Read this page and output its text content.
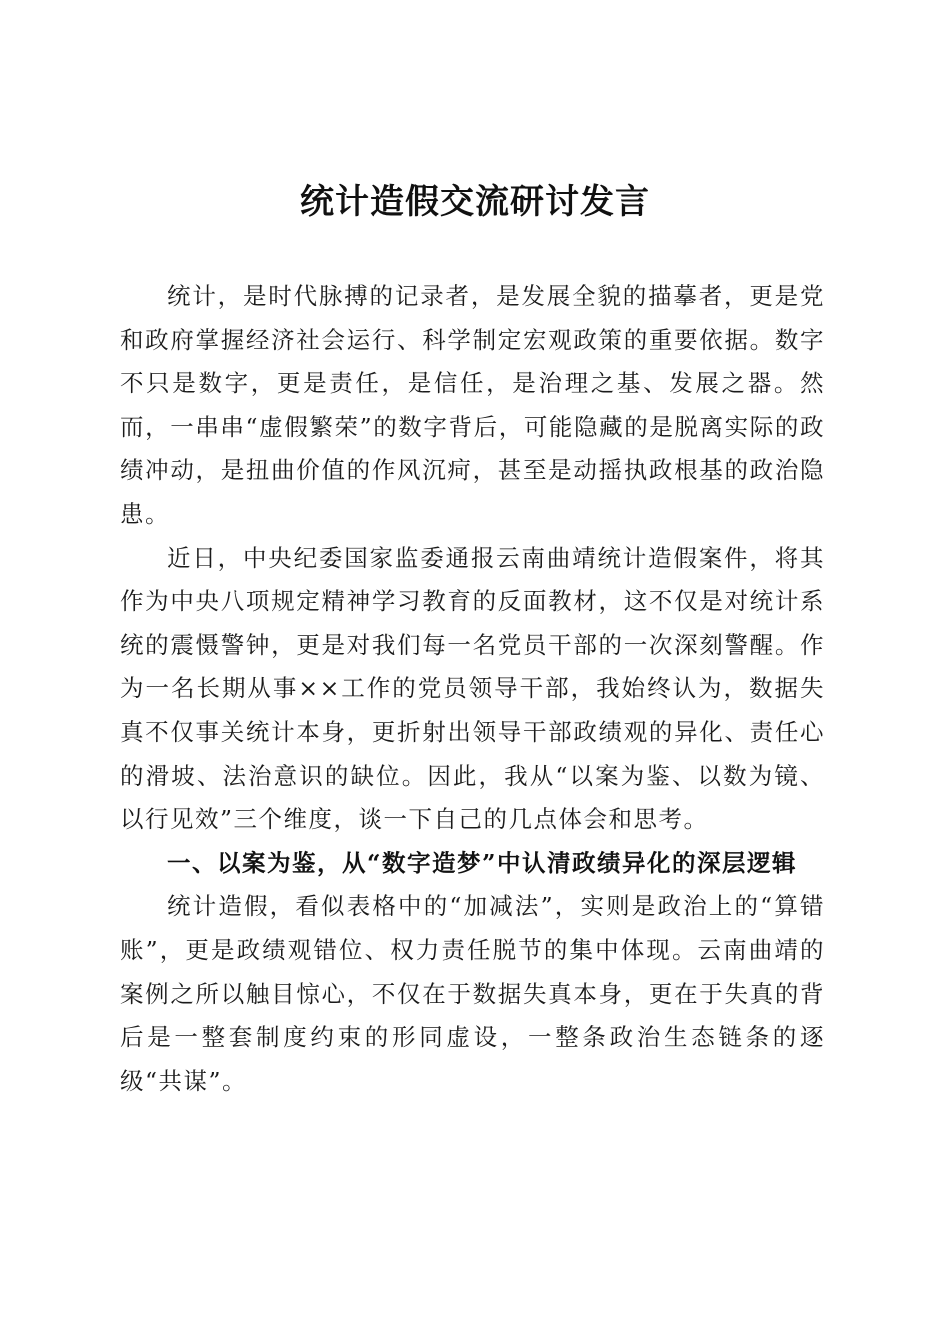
统计造假交流研讨发言

统计，是时代脉搏的记录者，是发展全貌的描摹者，更是党和政府掌握经济社会运行、科学制定宏观政策的重要依据。数字不只是数字，更是责任，是信任，是治理之基、发展之器。然而，一串串“虚假繁荣”的数字背后，可能隐藏的是脱离实际的政绩冲动，是扭曲价值的作风沉疴，甚至是动摇执政根基的政治隐患。

近日，中央纪委国家监委通报云南曲靖统计造假案件，将其作为中央八项规定精神学习教育的反面教材，这不仅是对统计系统的震慑警钟，更是对我们每一名党员干部的一次深刻警醒。作为一名长期从事××工作的党员领导干部，我始终认为，数据失真不仅事关统计本身，更折射出领导干部政绩观的异化、责任心的滑坡、法治意识的缺位。因此，我从“以案为鉴、以数为镜、以行见效”三个维度，谈一下自己的几点体会和思考。

一、以案为鉴，从“数字造梦”中认清政绩异化的深层逻辑

统计造假，看似表格中的“加减法”，实则是政治上的“算错账”，更是政绩观错位、权力责任脱节的集中体现。云南曲靖的案例之所以触目惊心，不仅在于数据失真本身，更在于失真的背后是一整套制度约束的形同虚设，一整条政治生态链条的逐级“共谋”。
